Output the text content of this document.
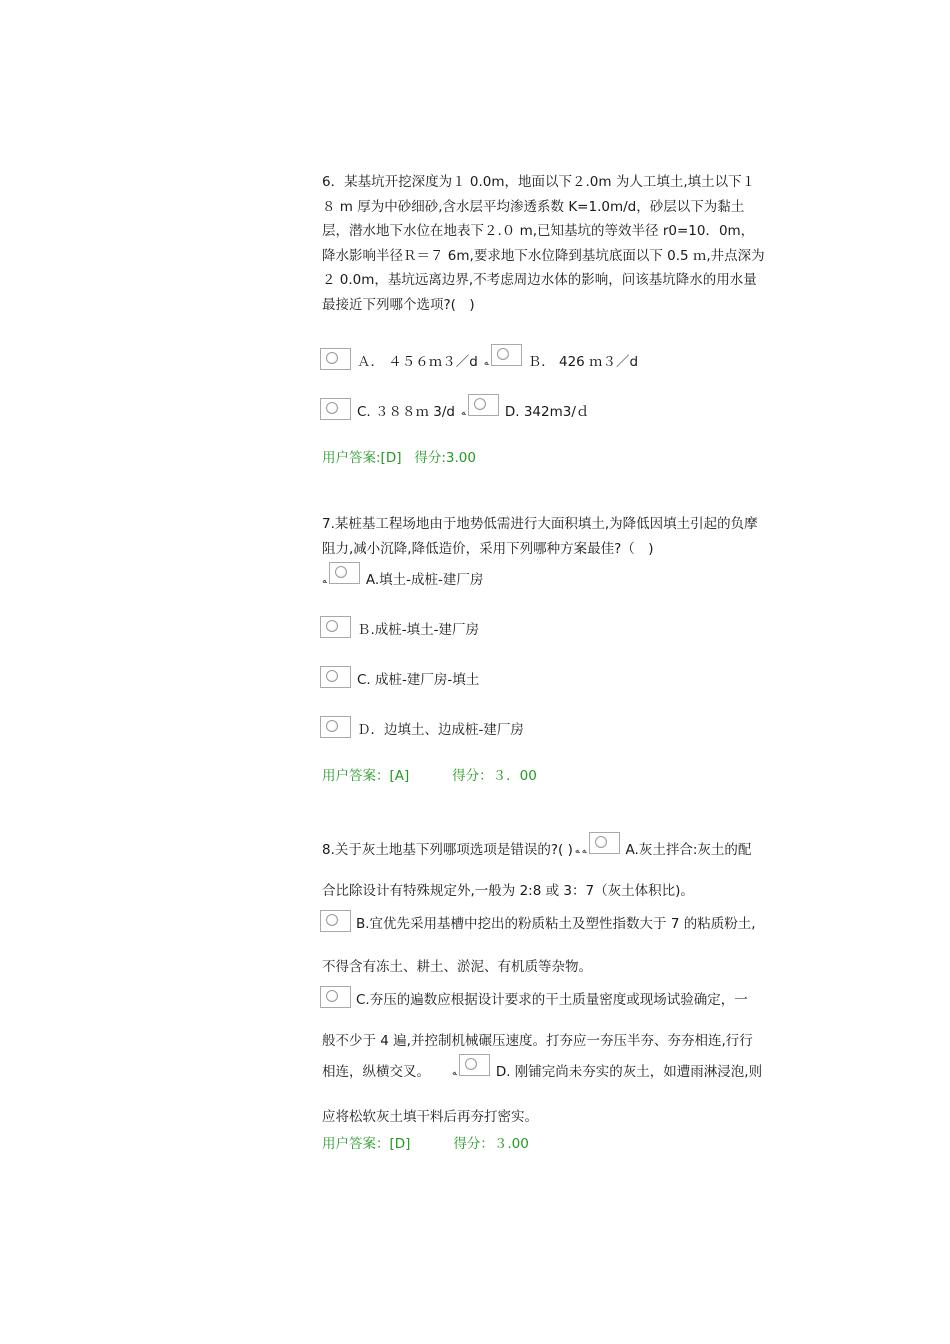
6．某基坑开挖深度为１ 0.0m，地面以下２.0m 为人工填土,填土以下１
８ m 厚为中砂细砂,含水层平均渗透系数 K=1.0m/d，砂层以下为黏土
层，潜水地下水位在地表下２.０ m,已知基坑的等效半径 r0=10．0m，
降水影响半径Ｒ＝７ 6m,要求地下水位降到基坑底面以下 0.5 ｍ,井点深为
２ 0.0m，基坑远离边界,不考虑周边水体的影响，问该基坑降水的用水量
最接近下列哪个选项?(　)
Ａ． ４５６ｍ３／d ﻪ	Ｂ． 426 ｍ３／d
C. ３８８ｍ 3/d ﻪ	D. 342m3/ｄ
用户答案:[D]   得分:3.00
7.某桩基工程场地由于地势低需进行大面积填土,为降低因填土引起的负摩
阻力,减小沉降,降低造价，采用下列哪种方案最佳?（　)
ﻪ	A.填土-成桩-建厂房
Ｂ.成桩-填土-建厂房
C. 成桩-建厂房-填土
Ｄ．边填土、边成桩-建厂房
用户答案：[A]          得分：３．00
8.关于灰土地基下列哪项选项是错误的?( ) ﻪ ﻪ	A.灰土拌合:灰土的配
合比除设计有特殊规定外,一般为 2:8 或 3：7（灰土体积比)。
B.宜优先采用基槽中挖出的粉质粘土及塑性指数大于 7 的粘质粉土,
不得含有冻土、耕土、淤泥、有机质等杂物。
C.夯压的遍数应根据设计要求的干土质量密度或现场试验确定，一
般不少于 4 遍,并控制机械碾压速度。打夯应一夯压半夯、夯夯相连,行行
相连，纵横交叉。 ﻪ	D. 刚铺完尚未夯实的灰土，如遭雨淋浸泡,则
应将松软灰土填干料后再夯打密实。
用户答案：[D]          得分：３.00
